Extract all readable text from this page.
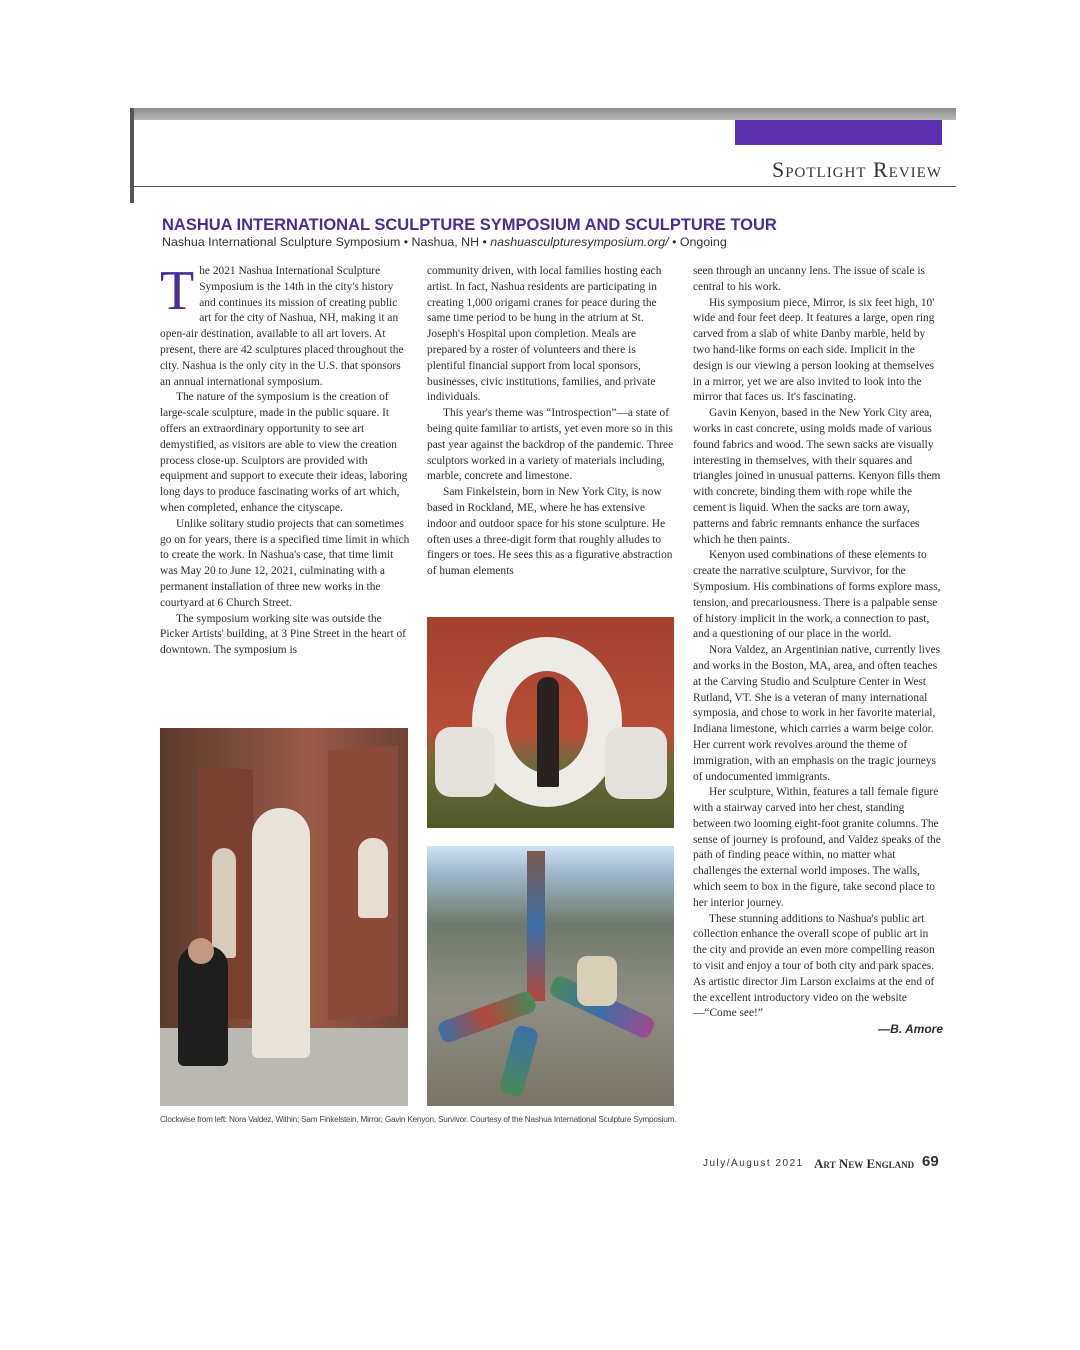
Spotlight Review
NASHUA INTERNATIONAL SCULPTURE SYMPOSIUM AND SCULPTURE TOUR
Nashua International Sculpture Symposium • Nashua, NH • nashuasculpturesymposium.org/ • Ongoing

The 2021 Nashua International Sculpture Symposium is the 14th in the city's history and continues its mission of creating public art for the city of Nashua, NH, making it an open-air destination, available to all art lovers. At present, there are 42 sculptures placed throughout the city. Nashua is the only city in the U.S. that sponsors an annual international symposium.

The nature of the symposium is the creation of large-scale sculpture, made in the public square. It offers an extraordinary opportunity to see art demystified, as visitors are able to view the creation process close-up. Sculptors are provided with equipment and support to execute their ideas, laboring long days to produce fascinating works of art which, when completed, enhance the cityscape.

Unlike solitary studio projects that can sometimes go on for years, there is a specified time limit in which to create the work. In Nashua's case, that time limit was May 20 to June 12, 2021, culminating with a permanent installation of three new works in the courtyard at 6 Church Street.

The symposium working site was outside the Picker Artists' building, at 3 Pine Street in the heart of downtown. The symposium is

community driven, with local families hosting each artist. In fact, Nashua residents are participating in creating 1,000 origami cranes for peace during the same time period to be hung in the atrium at St. Joseph's Hospital upon completion. Meals are prepared by a roster of volunteers and there is plentiful financial support from local sponsors, businesses, civic institutions, families, and private individuals.

This year's theme was “Introspection”—a state of being quite familiar to artists, yet even more so in this past year against the backdrop of the pandemic. Three sculptors worked in a variety of materials including, marble, concrete and limestone.

Sam Finkelstein, born in New York City, is now based in Rockland, ME, where he has extensive indoor and outdoor space for his stone sculpture. He often uses a three-digit form that roughly alludes to fingers or toes. He sees this as a figurative abstraction of human elements

seen through an uncanny lens. The issue of scale is central to his work.

His symposium piece, Mirror, is six feet high, 10' wide and four feet deep. It features a large, open ring carved from a slab of white Danby marble, held by two hand-like forms on each side. Implicit in the design is our viewing a person looking at themselves in a mirror, yet we are also invited to look into the mirror that faces us. It's fascinating.

Gavin Kenyon, based in the New York City area, works in cast concrete, using molds made of various found fabrics and wood. The sewn sacks are visually interesting in themselves, with their squares and triangles joined in unusual patterns. Kenyon fills them with concrete, binding them with rope while the cement is liquid. When the sacks are torn away, patterns and fabric remnants enhance the surfaces which he then paints.

Kenyon used combinations of these elements to create the narrative sculpture, Survivor, for the Symposium. His combinations of forms explore mass, tension, and precariousness. There is a palpable sense of history implicit in the work, a connection to past, and a questioning of our place in the world.

Nora Valdez, an Argentinian native, currently lives and works in the Boston, MA, area, and often teaches at the Carving Studio and Sculpture Center in West Rutland, VT. She is a veteran of many international symposia, and chose to work in her favorite material, Indiana limestone, which carries a warm beige color. Her current work revolves around the theme of immigration, with an emphasis on the tragic journeys of undocumented immigrants.

Her sculpture, Within, features a tall female figure with a stairway carved into her chest, standing between two looming eight-foot granite columns. The sense of journey is profound, and Valdez speaks of the path of finding peace within, no matter what challenges the external world imposes. The walls, which seem to box in the figure, take second place to her interior journey.

These stunning additions to Nashua's public art collection enhance the overall scope of public art in the city and provide an even more compelling reason to visit and enjoy a tour of both city and park spaces. As artistic director Jim Larson exclaims at the end of the excellent introductory video on the website—“Come see!”

—B. Amore

Clockwise from left: Nora Valdez, Within; Sam Finkelstein, Mirror; Gavin Kenyon, Survivor. Courtesy of the Nashua International Sculpture Symposium.
July/August 2021 Art New England 69
